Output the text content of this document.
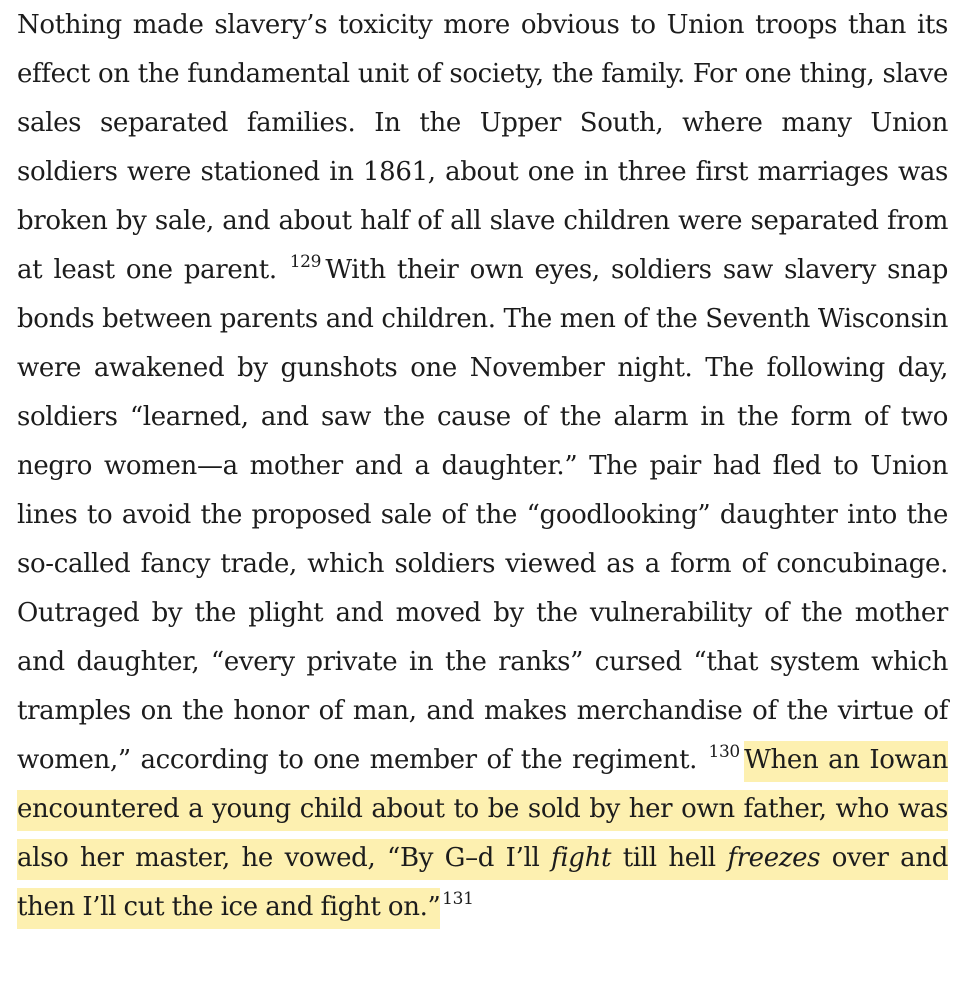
Nothing made slavery’s toxicity more obvious to Union troops than its effect on the fundamental unit of society, the family. For one thing, slave sales separated families. In the Upper South, where many Union soldiers were stationed in 1861, about one in three first marriages was broken by sale, and about half of all slave children were separated from at least one parent. $^{129}$ With their own eyes, soldiers saw slavery snap bonds between parents and children. The men of the Seventh Wisconsin were awakened by gunshots one November night. The following day, soldiers “learned, and saw the cause of the alarm in the form of two negro women—a mother and a daughter.” The pair had fled to Union lines to avoid the proposed sale of the “goodlooking” daughter into the so-called fancy trade, which soldiers viewed as a form of concubinage. Outraged by the plight and moved by the vulnerability of the mother and daughter, “every private in the ranks” cursed “that system which tramples on the honor of man, and makes merchandise of the virtue of women,” according to one member of the regiment. $^{130}$ When an Iowan encountered a young child about to be sold by her own father, who was also her master, he vowed, “By G–d I’ll fight till hell freezes over and then I’ll cut the ice and fight on.”$^{131}$
